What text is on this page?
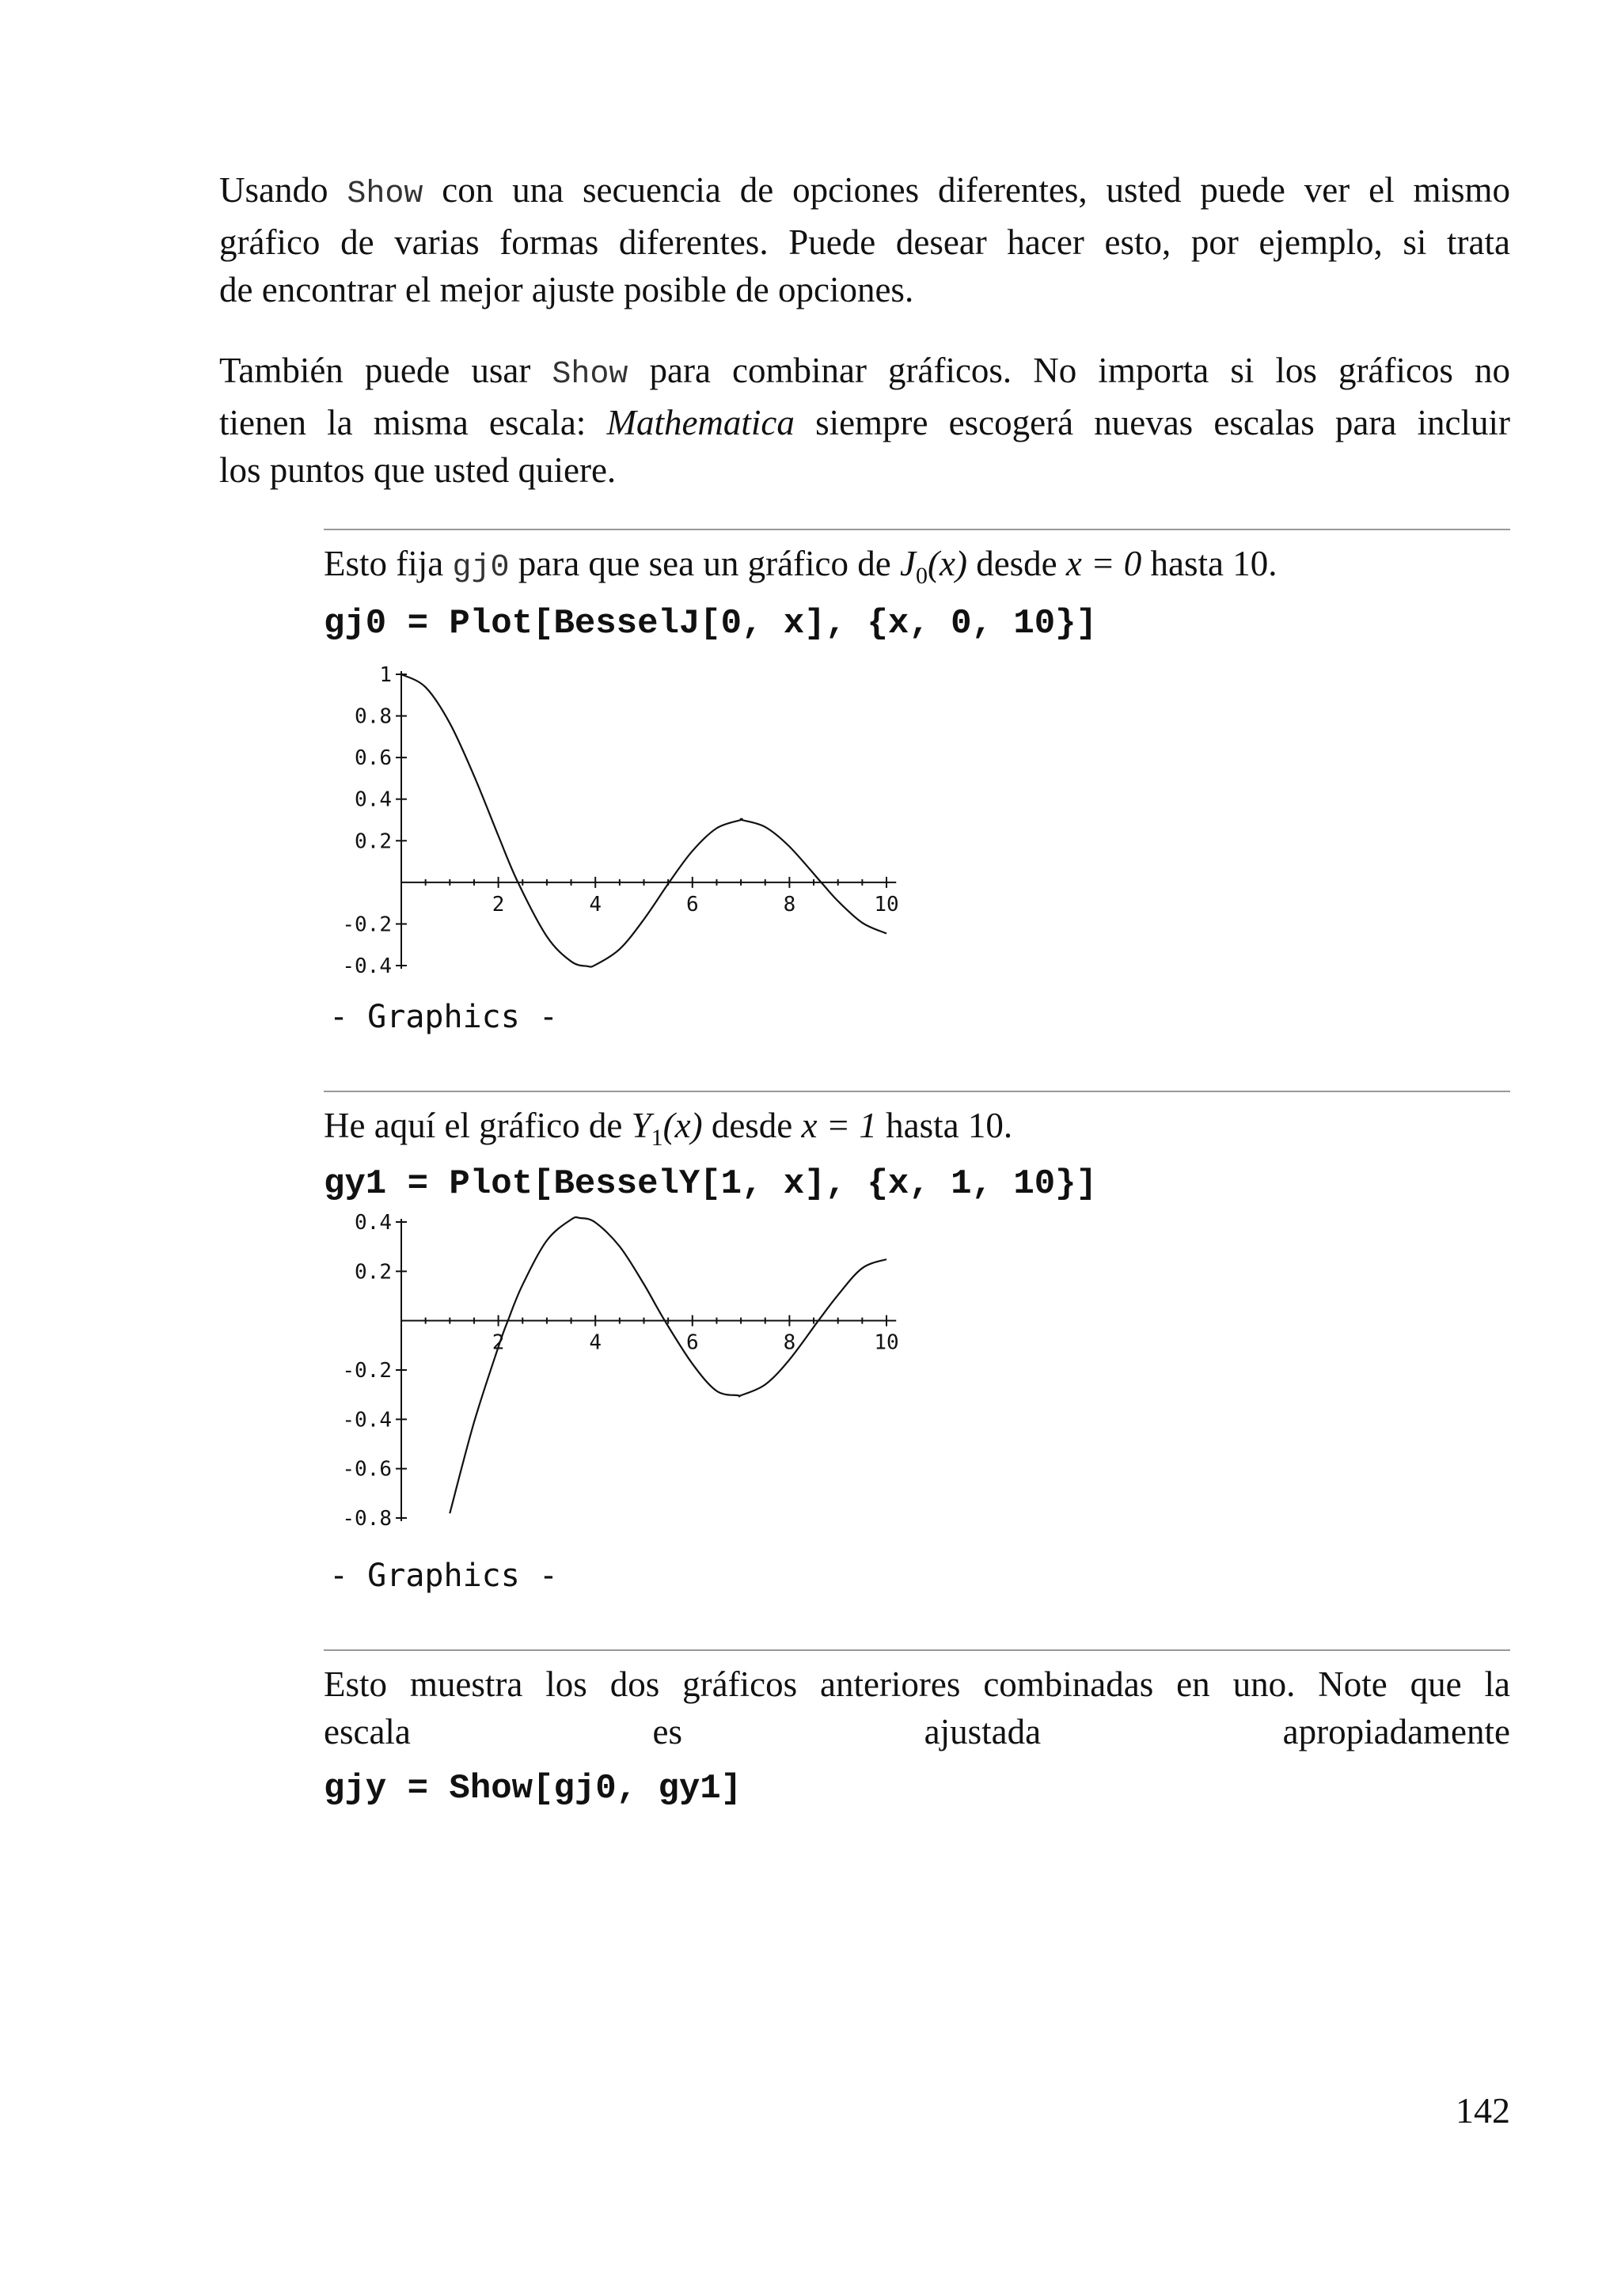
Usando Show con una secuencia de opciones diferentes, usted puede ver el mismo
gráfico de varias formas diferentes. Puede desear hacer esto, por ejemplo, si trata
de encontrar el mejor ajuste posible de opciones.
También puede usar Show para combinar gráficos. No importa si los gráficos no
tienen la misma escala: Mathematica siempre escogerá nuevas escalas para incluir
los puntos que usted quiere.
Esto fija gj0 para que sea un gráfico de $J_0(x)$ desde x = 0 hasta 10.
gj0 = Plot[BesselJ[0, x], {x, 0, 10}]
2	4	6	8	10
1
0.8
0.6
0.4
0.2
-0.2
-0.4
- Graphics -
He aquí el gráfico de $Y_1(x)$ desde x = 1 hasta 10.
gy1 = Plot[BesselY[1, x], {x, 1, 10}]
2	4	6	8	10
0.4
0.2
-0.2
-0.4
-0.6
-0.8
- Graphics -
Esto muestra los dos gráficos anteriores combinadas en uno. Note que la
escala es ajustada apropiadamente
gjy = Show[gj0, gy1]
142
